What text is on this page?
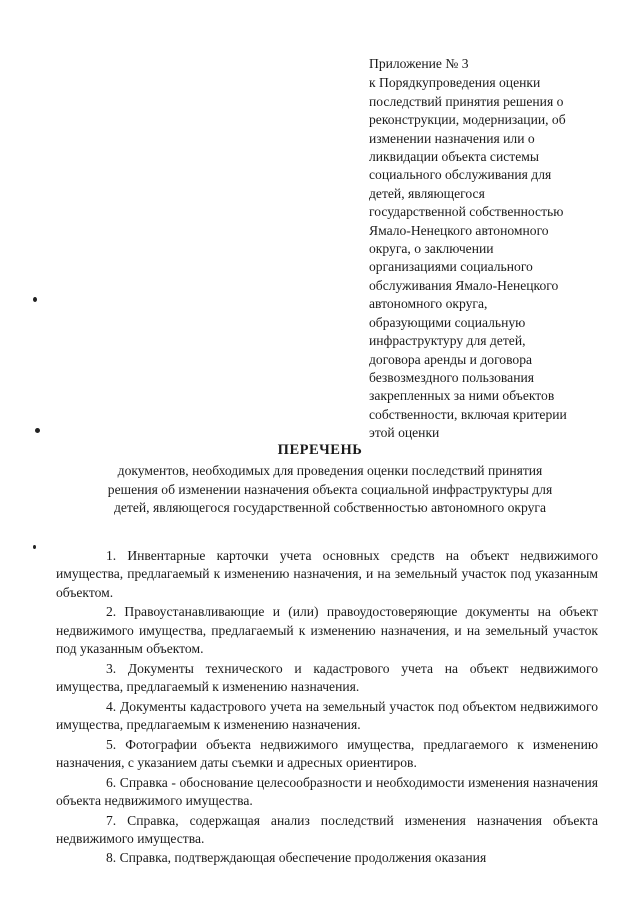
Приложение № 3
к Порядкупроведения оценки
последствий принятия решения о
реконструкции, модернизации, об
изменении назначения или о
ликвидации объекта системы
социального обслуживания для
детей, являющегося
государственной собственностью
Ямало-Ненецкого автономного
округа, о заключении
организациями социального
обслуживания Ямало-Ненецкого
автономного округа,
образующими социальную
инфраструктуру для детей,
договора аренды и договора
безвозмездного пользования
закрепленных за ними объектов
собственности, включая критерии
этой оценки
ПЕРЕЧЕНЬ
документов, необходимых для проведения оценки последствий принятия
решения об изменении назначения объекта социальной инфраструктуры для
детей, являющегося государственной собственностью автономного округа

1. Инвентарные карточки учета основных средств на объект недвижимого имущества, предлагаемый к изменению назначения, и на земельный участок под указанным объектом.

2. Правоустанавливающие и (или) правоудостоверяющие документы на объект недвижимого имущества, предлагаемый к изменению назначения, и на земельный участок под указанным объектом.

3. Документы технического и кадастрового учета на объект недвижимого имущества, предлагаемый к изменению назначения.

4. Документы кадастрового учета на земельный участок под объектом недвижимого имущества, предлагаемым к изменению назначения.

5. Фотографии объекта недвижимого имущества, предлагаемого к изменению назначения, с указанием даты съемки и адресных ориентиров.

6. Справка - обоснование целесообразности и необходимости изменения назначения объекта недвижимого имущества.

7. Справка, содержащая анализ последствий изменения назначения объекта недвижимого имущества.

8. Справка, подтверждающая обеспечение продолжения оказания
